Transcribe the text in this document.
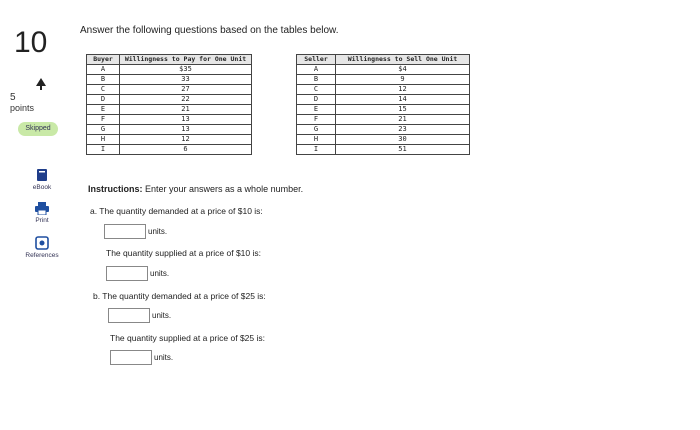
10
5
points
Skipped
eBook
Print
References
Answer the following questions based on the tables below.
Buyer	Willingness to Pay for One Unit
A	$35
B	33
C	27
D	22
E	21
F	13
G	13
H	12
I	6
Seller	Willingness to Sell One Unit
A	$4
B	9
C	12
D	14
E	15
F	21
G	23
H	30
I	51
Instructions: Enter your answers as a whole number.
a. The quantity demanded at a price of $10 is:
units.
The quantity supplied at a price of $10 is:
units.
b. The quantity demanded at a price of $25 is:
units.
The quantity supplied at a price of $25 is:
units.
